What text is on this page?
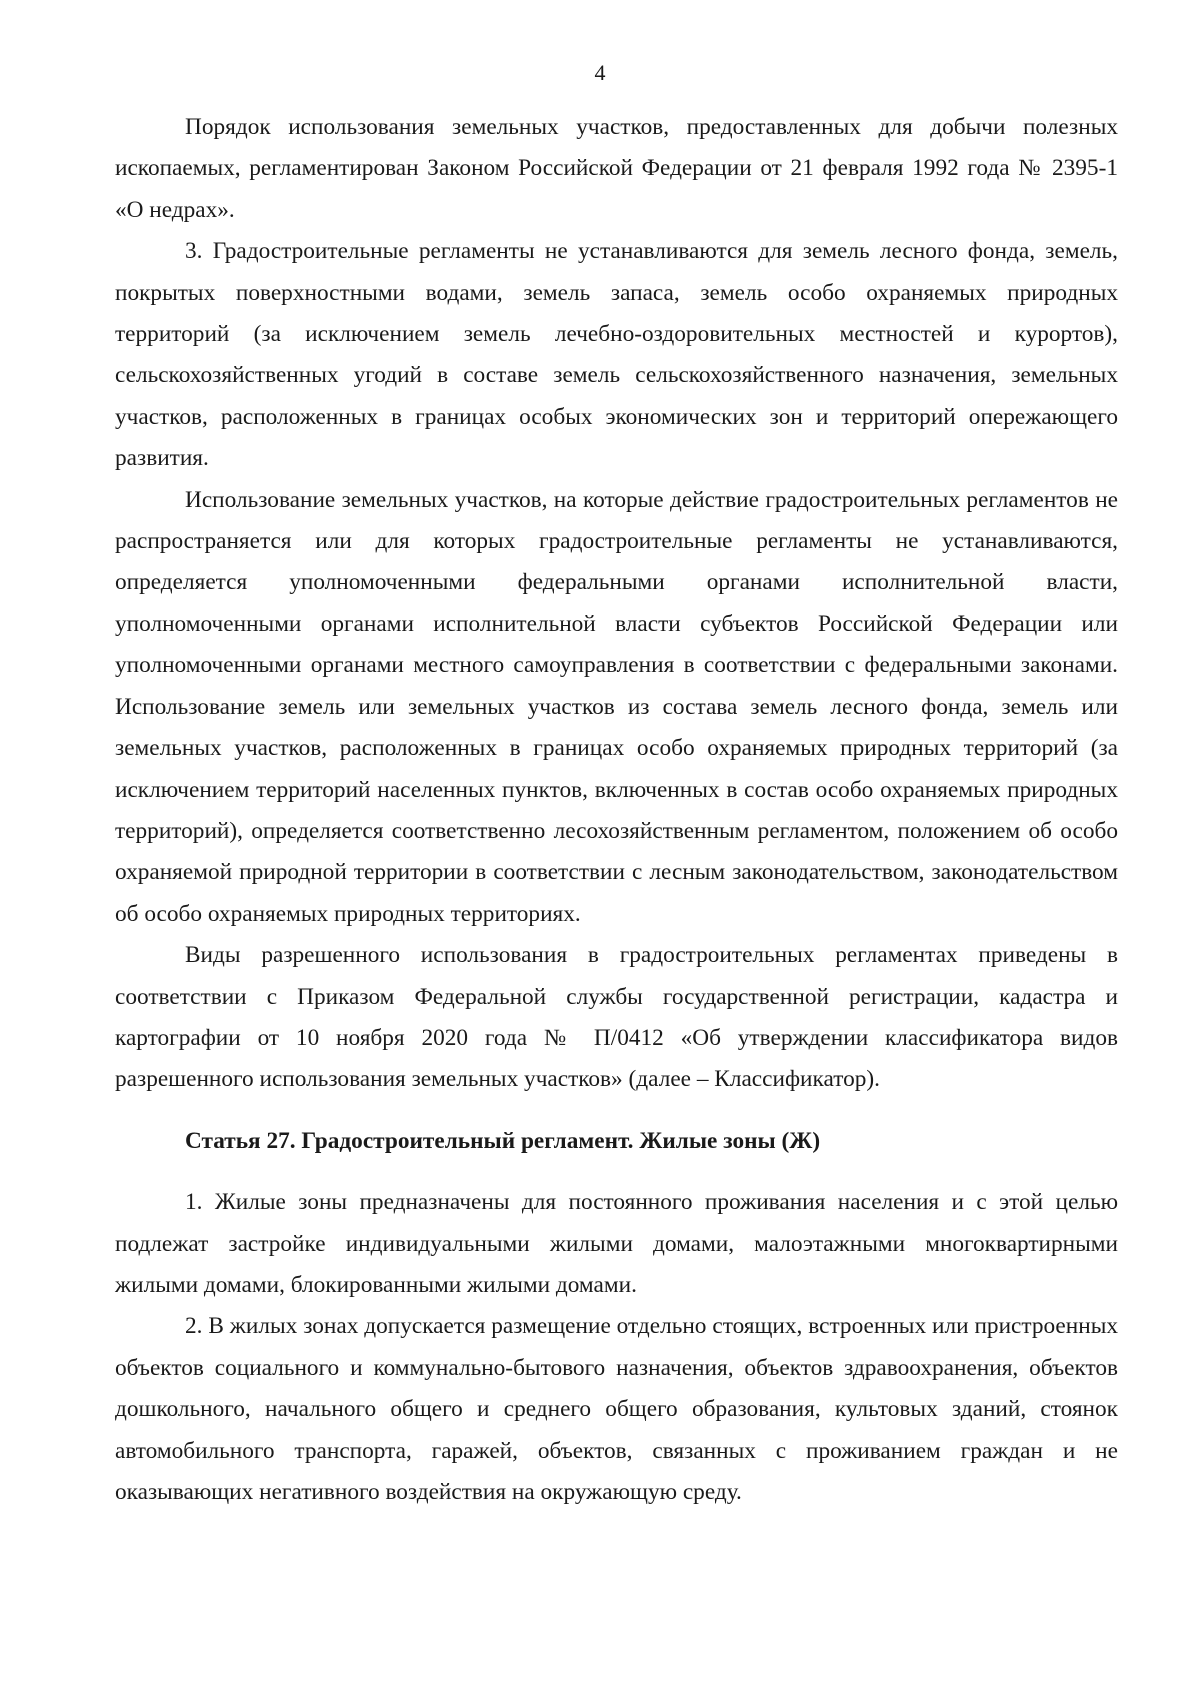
4

Порядок использования земельных участков, предоставленных для добычи полезных ископаемых, регламентирован Законом Российской Федерации от 21 февраля 1992 года № 2395-1 «О недрах».

3. Градостроительные регламенты не устанавливаются для земель лесного фонда, земель, покрытых поверхностными водами, земель запаса, земель особо охраняемых природных территорий (за исключением земель лечебно-оздоровительных местностей и курортов), сельскохозяйственных угодий в составе земель сельскохозяйственного назначения, земельных участков, расположенных в границах особых экономических зон и территорий опережающего развития.

Использование земельных участков, на которые действие градостроительных регламентов не распространяется или для которых градостроительные регламенты не устанавливаются, определяется уполномоченными федеральными органами исполнительной власти, уполномоченными органами исполнительной власти субъектов Российской Федерации или уполномоченными органами местного самоуправления в соответствии с федеральными законами. Использование земель или земельных участков из состава земель лесного фонда, земель или земельных участков, расположенных в границах особо охраняемых природных территорий (за исключением территорий населенных пунктов, включенных в состав особо охраняемых природных территорий), определяется соответственно лесохозяйственным регламентом, положением об особо охраняемой природной территории в соответствии с лесным законодательством, законодательством об особо охраняемых природных территориях.

Виды разрешенного использования в градостроительных регламентах приведены в соответствии с Приказом Федеральной службы государственной регистрации, кадастра и картографии от 10 ноября 2020 года № П/0412 «Об утверждении классификатора видов разрешенного использования земельных участков» (далее – Классификатор).

Статья 27. Градостроительный регламент. Жилые зоны (Ж)

1. Жилые зоны предназначены для постоянного проживания населения и с этой целью подлежат застройке индивидуальными жилыми домами, малоэтажными многоквартирными жилыми домами, блокированными жилыми домами.

2. В жилых зонах допускается размещение отдельно стоящих, встроенных или пристроенных объектов социального и коммунально-бытового назначения, объектов здравоохранения, объектов дошкольного, начального общего и среднего общего образования, культовых зданий, стоянок автомобильного транспорта, гаражей, объектов, связанных с проживанием граждан и не оказывающих негативного воздействия на окружающую среду.
